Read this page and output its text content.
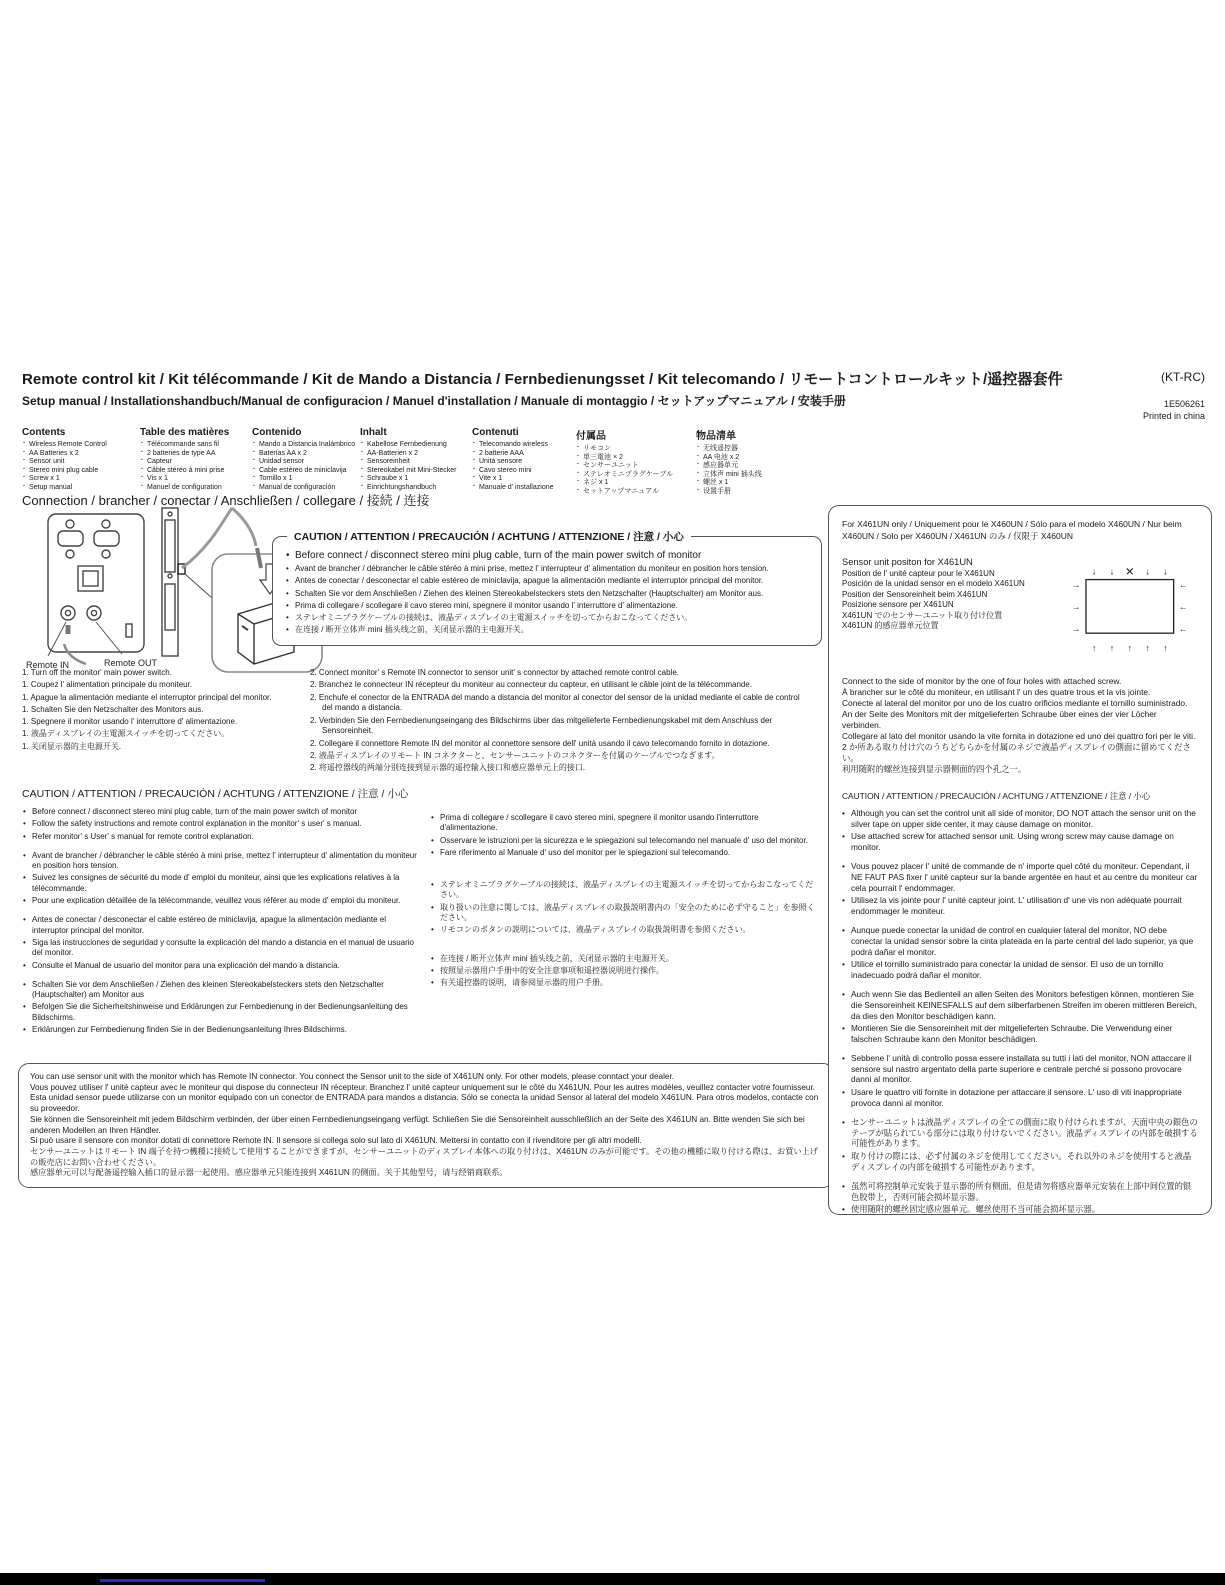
Remote control kit / Kit télécommande / Kit de Mando a Distancia / Fernbedienungsset / Kit telecomando / リモートコントロールキット/遥控器套件	(KT-RC)
Setup manual / Installationshandbuch/Manual de configuracion / Manuel d'installation / Manuale di montaggio / セットアップマニュアル / 安装手册	1E506261
Printed in china
Contents
· Wireless Remote Control
· AA Batteries x 2
· Sensor unit
· Stereo mini plug cable
· Screw x 1
· Setup manual
Table des matières
· Télécommande sans fil
· 2 batteries de type AA
· Capteur
· Câble stéréo à mini prise
· Vis x 1
· Manuel de configuration
Contenido
· Mando a Distancia Inalámbrico
· Baterías AA x 2
· Unidad sensor
· Cable estéreo de miniclavija
· Tornillo x 1
· Manual de configuración
Inhalt
· Kabellose Fernbedienung
· AA-Batterien x 2
· Sensoreinheit
· Stereokabel mit Mini-Stecker
· Schraube x 1
· Einrichtungshandbuch
Contenuti
· Telecomando wireless
· 2 batterie AAA
· Unità sensore
· Cavo stereo mini
· Vite x 1
· Manuale d' installazione
付属品
· リモコン
· 単三電池 × 2
· センサーユニット
· ステレオミニプラグケーブル
· ネジ x 1
· セットアップマニュアル
物品清单
· 无线遥控器
· AA 电池 x 2
· 感应器单元
· 立体声 mini 插头线
· 螺丝 x 1
· 设置手册
Connection / brancher / conectar / Anschließen / collegare / 接続 / 连接
Remote IN	Remote OUT
CAUTION / ATTENTION / PRECAUCIÓN / ACHTUNG / ATTENZIONE / 注意 / 小心
• Before connect / disconnect stereo mini plug cable, turn of the main power switch of monitor
• Avant de brancher / débrancher le câble stéréo à mini prise, mettez l' interrupteur d' alimentation du moniteur en position hors tension.
• Antes de conectar / desconectar el cable estéreo de miniclavija, apague la alimentación mediante el interruptor principal del monitor.
• Schalten Sie vor dem Anschließen / Ziehen des kleinen Stereokabelsteckers stets den Netzschalter (Hauptschalter) am Monitor aus.
• Prima di collegare / scollegare il cavo stereo mini, spegnere il monitor usando l' interruttore d' alimentazione.
• ステレオミニプラグケーブルの接続は、液晶ディスプレイの主電源スイッチを切ってからおこなってください。
• 在连接 / 断开立体声 mini 插头线之前，关闭显示器的主电源开关。
1. Turn off the monitor' main power switch.
1. Coupez l' alimentation principale du moniteur.
1. Apague la alimentación mediante el interruptor principal del monitor.
1. Schalten Sie den Netzschalter des Monitors aus.
1. Spegnere il monitor usando l' interruttore d' alimentazione.
1. 液晶ディスプレイの主電源スイッチを切ってください。
1. 关闭显示器的主电源开关.
2. Connect monitor' s Remote IN connector to sensor unit' s connector by attached remote control cable.
2. Branchez le connecteur IN récepteur du moniteur au connecteur du capteur, en utilisant le câble joint de la télécommande.
2. Enchufe el conector de la ENTRADA del mando a distancia del monitor al conector del sensor de la unidad mediante el cable de control del mando a distancia.
2. Verbinden Sie den Fernbedienungseingang des Bildschirms über das mitgelieferte Fernbedienungskabel mit dem Anschluss der Sensoreinheit.
2. Collegare il connettore Remote IN del monitor al connettore sensore dell' unità usando il cavo telecomando fornito in dotazione.
2. 液晶ディスプレイのリモート IN コネクターと、センサーユニットのコネクターを付属のケーブルでつなぎます。
2. 将遥控器线的两端分别连接到显示器的遥控输入接口和感应器单元上的接口.
CAUTION / ATTENTION / PRECAUCIÓN / ACHTUNG / ATTENZIONE / 注意 / 小心
• Before connect / disconnect stereo mini plug cable, turn of the main power switch of monitor
• Follow the safety instructions and remote control explanation in the monitor' s user' s manual.
• Refer monitor' s User' s manual for remote control explanation.
• Avant de brancher / débrancher le câble stéréo à mini prise, mettez l' interrupteur d' alimentation du moniteur en position hors tension.
• Suivez les consignes de sécurité du mode d' emploi du moniteur, ainsi que les explications relatives à la télécommande.
• Pour une explication détaillée de la télécommande, veuillez vous référer au mode d' emploi du moniteur.
• Antes de conectar / desconectar el cable estéreo de miniclavija, apague la alimentación mediante el interruptor principal del monitor.
• Siga las instrucciones de seguridad y consulte la explicación del mando a distancia en el manual de usuario del monitor.
• Consulte el Manual de usuario del monitor para una explicación del mando a distancia.
• Schalten Sie vor dem Anschließen / Ziehen des kleinen Stereokabelsteckers stets den Netzschalter (Hauptschalter) am Monitor aus
• Befolgen Sie die Sicherheitshinweise und Erklärungen zur Fernbedienung in der Bedienungsanleitung des Bildschirms.
• Erklärungen zur Fernbedienung finden Sie in der Bedienungsanleitung Ihres Bildschirms.
• Prima di collegare / scollegare il cavo stereo mini, spegnere il monitor usando l'interruttore d'alimentazione.
• Osservare le istruzioni per la sicurezza e le spiegazioni sul telecomando nel manuale d' uso del monitor.
• Fare riferimento al Manuale d' uso del monitor per le spiegazioni sul telecomando.
• ステレオミニプラグケーブルの接続は、液晶ディスプレイの主電源スイッチを切ってからおこなってください。
• 取り扱いの注意に関しては、液晶ディスプレイの取扱説明書内の「安全のために必ず守ること」を参照ください。
• リモコンのボタンの説明については、液晶ディスプレイの取扱説明書を参照ください。
• 在连接 / 断开立体声 mini 插头线之前，关闭显示器的主电源开关。
• 按照显示器用户手册中的安全注意事项和遥控器说明进行操作。
• 有关遥控器的说明，请参阅显示器的用户手册。
You can use sensor unit with the monitor which has Remote IN connector. You connect the Sensor unit to the side of X461UN only. For other models, please conntact your dealer.
Vous pouvez utiliser l' unité capteur avec le moniteur qui dispose du connecteur IN récepteur. Branchez l' unité capteur uniquement sur le côté du X461UN. Pour les autres modèles, veuillez contacter votre fournisseur.
Esta unidad sensor puede utilizarse con un monitor equipado con un conector de ENTRADA para mandos a distancia. Sólo se conecta la unidad Sensor al lateral del modelo X461UN. Para otros modelos, contacte con su proveedor.
Sie können die Sensoreinheit mit jedem Bildschirm verbinden, der über einen Fernbedienungseingang verfügt. Schließen Sie die Sensoreinheit ausschließlich an der Seite des X461UN an. Bitte wenden Sie sich bei anderen Modellen an Ihren Händler.
Si può usare il sensore con monitor dotati di connettore Remote IN. Il sensore si collega solo sul lato di X461UN. Mettersi in contatto con il rivenditore per gli altri modelli.
センサーユニットはリモート IN 端子を持つ機種に接続して使用することができますが、センサーユニットのディスプレイ本体への取り付けは、X461UN のみが可能です。その他の機種に取り付ける際は、お買い上げの販売店にお問い合わせください。
感应器单元可以与配备遥控输入插口的显示器一起使用。感应器单元只能连接到 X461UN 的侧面。关于其他型号，请与经销商联系。
For X461UN only / Uniquement pour le X460UN / Sólo para el modelo X460UN / Nur beim X460UN / Solo per X460UN / X461UN のみ / 仅限于 X460UN
Sensor unit positon for X461UN
Position de l' unité capteur pour le X461UN
Posición de la unidad sensor en el modelo X461UN
Position der Sensoreinheit beim X461UN
Posizione sensore per X461UN
X461UN でのセンサーユニット取り付け位置
X461UN 的感应器单元位置
↓ ↓ ✕ ↓ ↓
↑ ↑ ↑ ↑ ↑
→
→
→
←
←
←
Connect to the side of monitor by the one of four holes with attached screw.
À brancher sur le côté du moniteur, en utilisant l' un des quatre trous et la vis jointe.
Conecte al lateral del monitor por uno de los cuatro orificios mediante el tornillo suministrado.
An der Seite des Monitors mit der mitgelieferten Schraube über eines der vier Löcher verbinden.
Collegare al lato del monitor usando la vite fornita in dotazione ed uno dei quattro fori per le viti.
2 か所ある取り付け穴のうちどちらかを付属のネジで液晶ディスプレイの側面に留めてください。
利用随附的螺丝连接到显示器侧面的四个孔之一。
CAUTION / ATTENTION / PRECAUCIÓN / ACHTUNG / ATTENZIONE / 注意 / 小心
• Although you can set the control unit all side of monitor, DO NOT attach the sensor unit on the silver tape on upper side center, it may cause damage on monitor.
• Use attached screw for attached sensor unit. Using wrong screw may cause damage on monitor.
• Vous pouvez placer l' unité de commande de n' importe quel côté du moniteur. Cependant, il NE FAUT PAS fixer l' unité capteur sur la bande argentée en haut et au centre du moniteur car cela pourrait l' endommager.
• Utilisez la vis jointe pour l' unité capteur joint. L' utilisation d' une vis non adéquate pourrait endommager le moniteur.
• Aunque puede conectar la unidad de control en cualquier lateral del monitor, NO debe conectar la unidad sensor sobre la cinta plateada en la parte central del lado superior, ya que podrá dañar el monitor.
• Utilice el tornillo suministrado para conectar la unidad de sensor. El uso de un tornillo inadecuado podrá dañar el monitor.
• Auch wenn Sie das Bedienteil an allen Seiten des Monitors befestigen können, montieren Sie die Sensoreinheit KEINESFALLS auf dem silberfarbenen Streifen im oberen mittleren Bereich, da dies den Monitor beschädigen kann.
• Montieren Sie die Sensoreinheit mit der mitgelieferten Schraube. Die Verwendung einer falschen Schraube kann den Monitor beschädigen.
• Sebbene l' unità di controllo possa essere installata su tutti i lati del monitor, NON attaccare il sensore sul nastro argentato della parte superiore e centrale perché si possono provocare danni al monitor.
• Usare le quattro viti fornite in dotazione per attaccare il sensore. L' uso di viti inappropriate provoca danni al monitor.
• センサーユニットは液晶ディスプレイの全ての側面に取り付けられますが、天面中央の銀色のテープが貼られている部分には取り付けないでください。液晶ディスプレイの内部を破損する可能性があります。
• 取り付けの際には、必ず付属のネジを使用してください。それ以外のネジを使用すると液晶ディスプレイの内部を破損する可能性があります。
• 虽然可将控制单元安装于显示器的所有侧面，但是请勿将感应器单元安装在上部中间位置的银色胶带上，否则可能会损坏显示器。
• 使用随附的螺丝固定感应器单元。螺丝使用不当可能会损坏显示器。
